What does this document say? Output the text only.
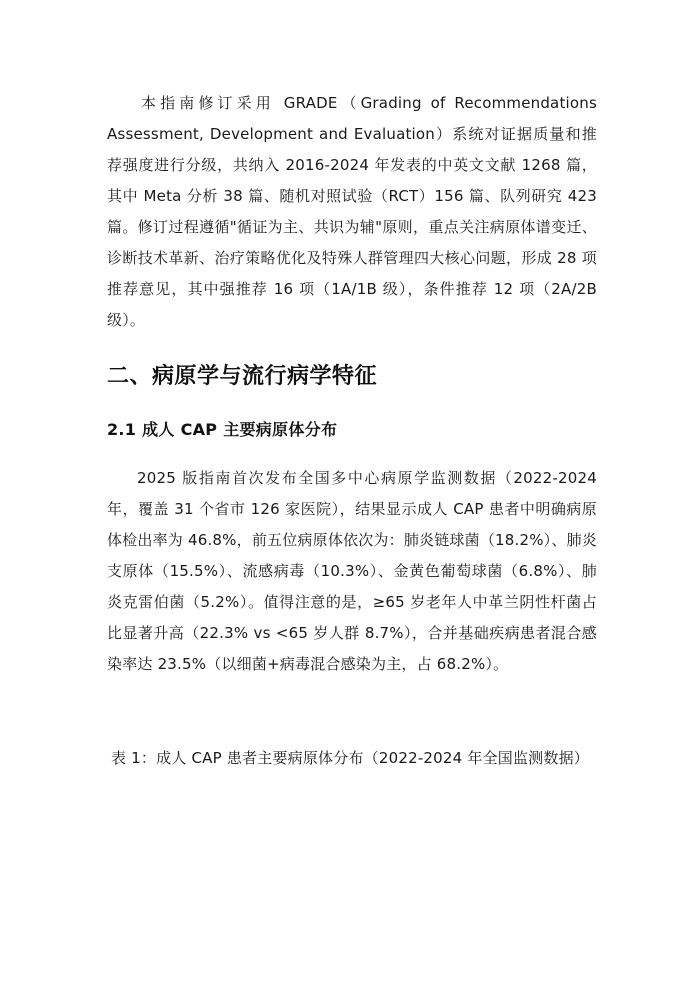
本指南修订采用 GRADE（Grading of Recommendations Assessment, Development and Evaluation）系统对证据质量和推荐强度进行分级，共纳入 2016-2024 年发表的中英文文献 1268 篇，其中 Meta 分析 38 篇、随机对照试验（RCT）156 篇、队列研究 423 篇。修订过程遵循"循证为主、共识为辅"原则，重点关注病原体谱变迁、诊断技术革新、治疗策略优化及特殊人群管理四大核心问题，形成 28 项推荐意见，其中强推荐 16 项（1A/1B 级），条件推荐 12 项（2A/2B 级）。
二、病原学与流行病学特征
2.1 成人 CAP 主要病原体分布
2025 版指南首次发布全国多中心病原学监测数据（2022-2024 年，覆盖 31 个省市 126 家医院），结果显示成人 CAP 患者中明确病原体检出率为 46.8%，前五位病原体依次为：肺炎链球菌（18.2%）、肺炎支原体（15.5%）、流感病毒（10.3%）、金黄色葡萄球菌（6.8%）、肺炎克雷伯菌（5.2%）。值得注意的是，≥65 岁老年人中革兰阴性杆菌占比显著升高（22.3% vs <65 岁人群 8.7%），合并基础疾病患者混合感染率达 23.5%（以细菌+病毒混合感染为主，占 68.2%）。
表 1：成人 CAP 患者主要病原体分布（2022-2024 年全国监测数据）
